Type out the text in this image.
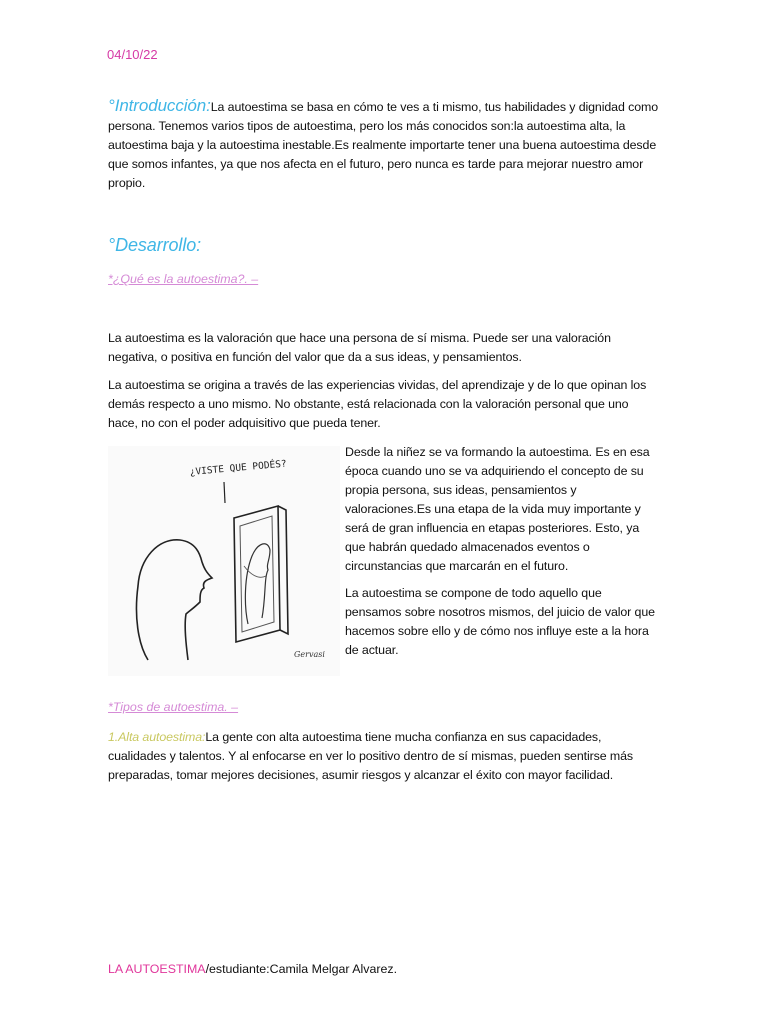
04/10/22
°Introducción:La autoestima se basa en cómo te ves a ti mismo, tus habilidades y dignidad como persona. Tenemos varios tipos de autoestima, pero los más conocidos son:la autoestima alta, la autoestima baja y la autoestima inestable.Es realmente importarte tener una buena autoestima desde que somos infantes, ya que nos afecta en el futuro, pero nunca es tarde para mejorar nuestro amor propio.
°Desarrollo:
*¿Qué es la autoestima?. –
La autoestima es la valoración que hace una persona de sí misma. Puede ser una valoración negativa, o positiva en función del valor que da a sus ideas, y pensamientos.
La autoestima se origina a través de las experiencias vividas, del aprendizaje y de lo que opinan los demás respecto a uno mismo. No obstante, está relacionada con la valoración personal que uno hace, no con el poder adquisitivo que pueda tener.
¿VISTE QUE PODÉS?
Gervasi
Desde la niñez se va formando la autoestima. Es en esa época cuando uno se va adquiriendo el concepto de su propia persona, sus ideas, pensamientos y valoraciones.Es una etapa de la vida muy importante y será de gran influencia en etapas posteriores. Esto, ya que habrán quedado almacenados eventos o circunstancias que marcarán en el futuro.
La autoestima se compone de todo aquello que pensamos sobre nosotros mismos, del juicio de valor que hacemos sobre ello y de cómo nos influye este a la hora de actuar.
*Tipos de autoestima. –
1.Alta autoestima:La gente con alta autoestima tiene mucha confianza en sus capacidades, cualidades y talentos. Y al enfocarse en ver lo positivo dentro de sí mismas, pueden sentirse más preparadas, tomar mejores decisiones, asumir riesgos y alcanzar el éxito con mayor facilidad.
LA AUTOESTIMA/estudiante:Camila Melgar Alvarez.
